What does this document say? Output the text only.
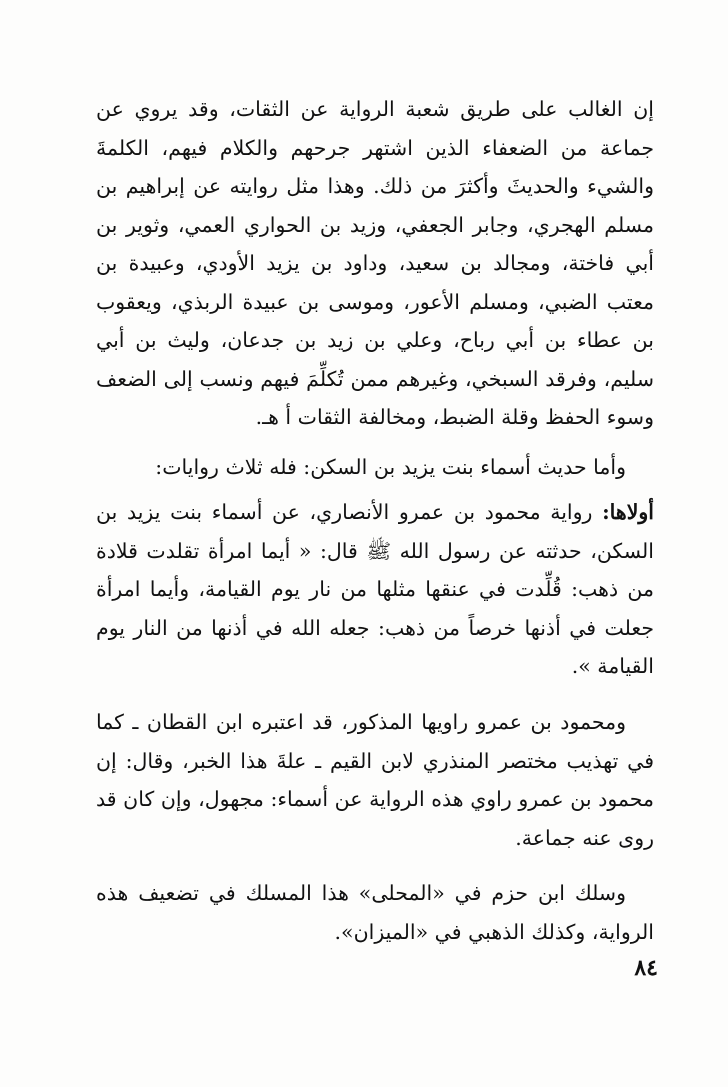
إن الغالب على طريق شعبة الرواية عن الثقات، وقد يروي عن جماعة من الضعفاء الذين اشتهر جرحهم والكلام فيهم، الكلمةَ والشيء والحديثَ وأكثرَ من ذلك. وهذا مثل روايته عن إبراهيم بن مسلم الهجري، وجابر الجعفي، وزيد بن الحواري العمي، وثوير بن أبي فاختة، ومجالد بن سعيد، وداود بن يزيد الأودي، وعبيدة بن معتب الضبي، ومسلم الأعور، وموسى بن عبيدة الربذي، ويعقوب بن عطاء بن أبي رباح، وعلي بن زيد بن جدعان، وليث بن أبي سليم، وفرقد السبخي، وغيرهم ممن تُكلِّمَ فيهم ونسب إلى الضعف وسوء الحفظ وقلة الضبط، ومخالفة الثقات أ هـ.

وأما حديث أسماء بنت يزيد بن السكن: فله ثلاث روايات:

أولاها: رواية محمود بن عمرو الأنصاري، عن أسماء بنت يزيد بن السكن، حدثته عن رسول الله ﷺ قال: « أيما امرأة تقلدت قلادة من ذهب: قُلِّدت في عنقها مثلها من نار يوم القيامة، وأيما امرأة جعلت في أذنها خرصاً من ذهب: جعله الله في أذنها من النار يوم القيامة ».

ومحمود بن عمرو راويها المذكور، قد اعتبره ابن القطان ـ كما في تهذيب مختصر المنذري لابن القيم ـ علةَ هذا الخبر، وقال: إن محمود بن عمرو راوي هذه الرواية عن أسماء: مجهول، وإن كان قد روى عنه جماعة.

وسلك ابن حزم في «المحلى» هذا المسلك في تضعيف هذه الرواية، وكذلك الذهبي في «الميزان».

٨٤
